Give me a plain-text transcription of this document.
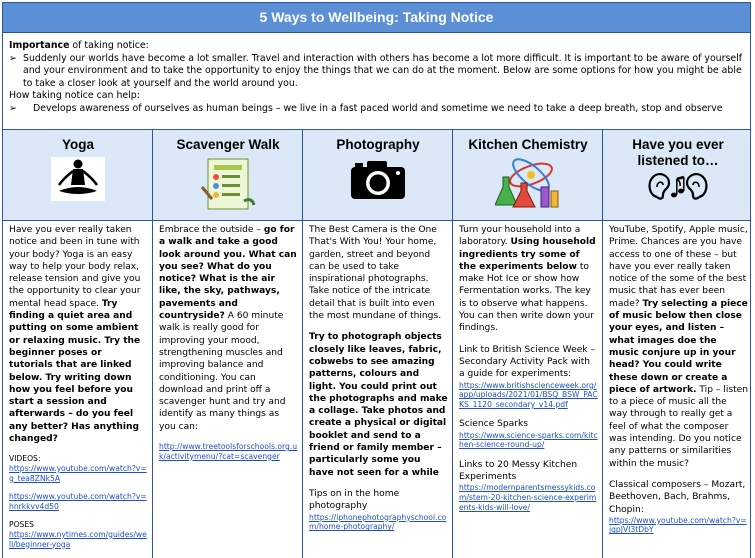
5 Ways to Wellbeing: Taking Notice

Importance of taking notice:

➢ Suddenly our worlds have become a lot smaller. Travel and interaction with others has become a lot more difficult. It is important to be aware of yourself and your environment and to take the opportunity to enjoy the things that we can do at the moment. Below are some options for how you might be able to take a closer look at yourself and the world around you.

How taking notice can help:

➢	Develops awareness of ourselves as human beings – we live in a fast paced world and sometime we need to take a deep breath, stop and observe
Yoga

Have you ever really taken notice and been in tune with your body? Yoga is an easy way to help your body relax, release tension and give you the opportunity to clear your mental head space. Try finding a quiet area and putting on some ambient or relaxing music. Try the beginner poses or tutorials that are linked below. Try writing down how you feel before you start a session and afterwards – do you feel any better? Has anything changed?

VIDEOS:
https://www.youtube.com/watch?v=g_tea8ZNk5A
https://www.youtube.com/watch?v=hnrkkvv4d50
POSES
https://www.nytimes.com/guides/well/beginner-yoga
Scavenger Walk

Embrace the outside – go for a walk and take a good look around you. What can you see? What do you notice? What is the air like, the sky, pathways, pavements and countryside? A 60 minute walk is really good for improving your mood, strengthening muscles and improving balance and conditioning. You can download and print off a scavenger hunt and try and identify as many things as you can:

http://www.treetoolsforschools.org.uk/activitymenu/?cat=scavenger
Photography

The Best Camera is the One That's With You! Your home, garden, street and beyond can be used to take inspirational photographs. Take notice of the intricate detail that is built into even the most mundane of things.

Try to photograph objects closely like leaves, fabric, cobwebs to see amazing patterns, colours and light. You could print out the photographs and make a collage. Take photos and create a physical or digital booklet and send to a friend or family member – particularly some you have not seen for a while

Tips on in the home photography
https://iphonephotographyschool.com/home-photography/
Kitchen Chemistry

Turn your household into a laboratory. Using household ingredients try some of the experiments below to make Hot Ice or show how Fermentation works. The key is to observe what happens. You can then write down your findings.

Link to British Science Week – Secondary Activity Pack with a guide for experiments:
https://www.britishscienceweek.org/app/uploads/2021/01/BSQ_BSW_PACKS_1120_secondary_v14.pdf
Science Sparks
https://www.science-sparks.com/kitchen-science-round-up/
Links to 20 Messy Kitchen Experiments
https://modernparentsmessykids.com/stem-20-kitchen-science-experiments-kids-will-love/
Have you ever listened to…

YouTube, Spotify, Apple music, Prime. Chances are you have access to one of these – but have you ever really taken notice of the some of the best music that has ever been made? Try selecting a piece of music below then close your eyes, and listen – what images doe the music conjure up in your head? You could write these down or create a piece of artwork. Tip – listen to a piece of music all the way through to really get a feel of what the composer was intending. Do you notice any patterns or similarities within the music?

Classical composers – Mozart, Beethoven, Bach, Brahms, Chopin:
https://www.youtube.com/watch?v=jgpJVI3tDbY
